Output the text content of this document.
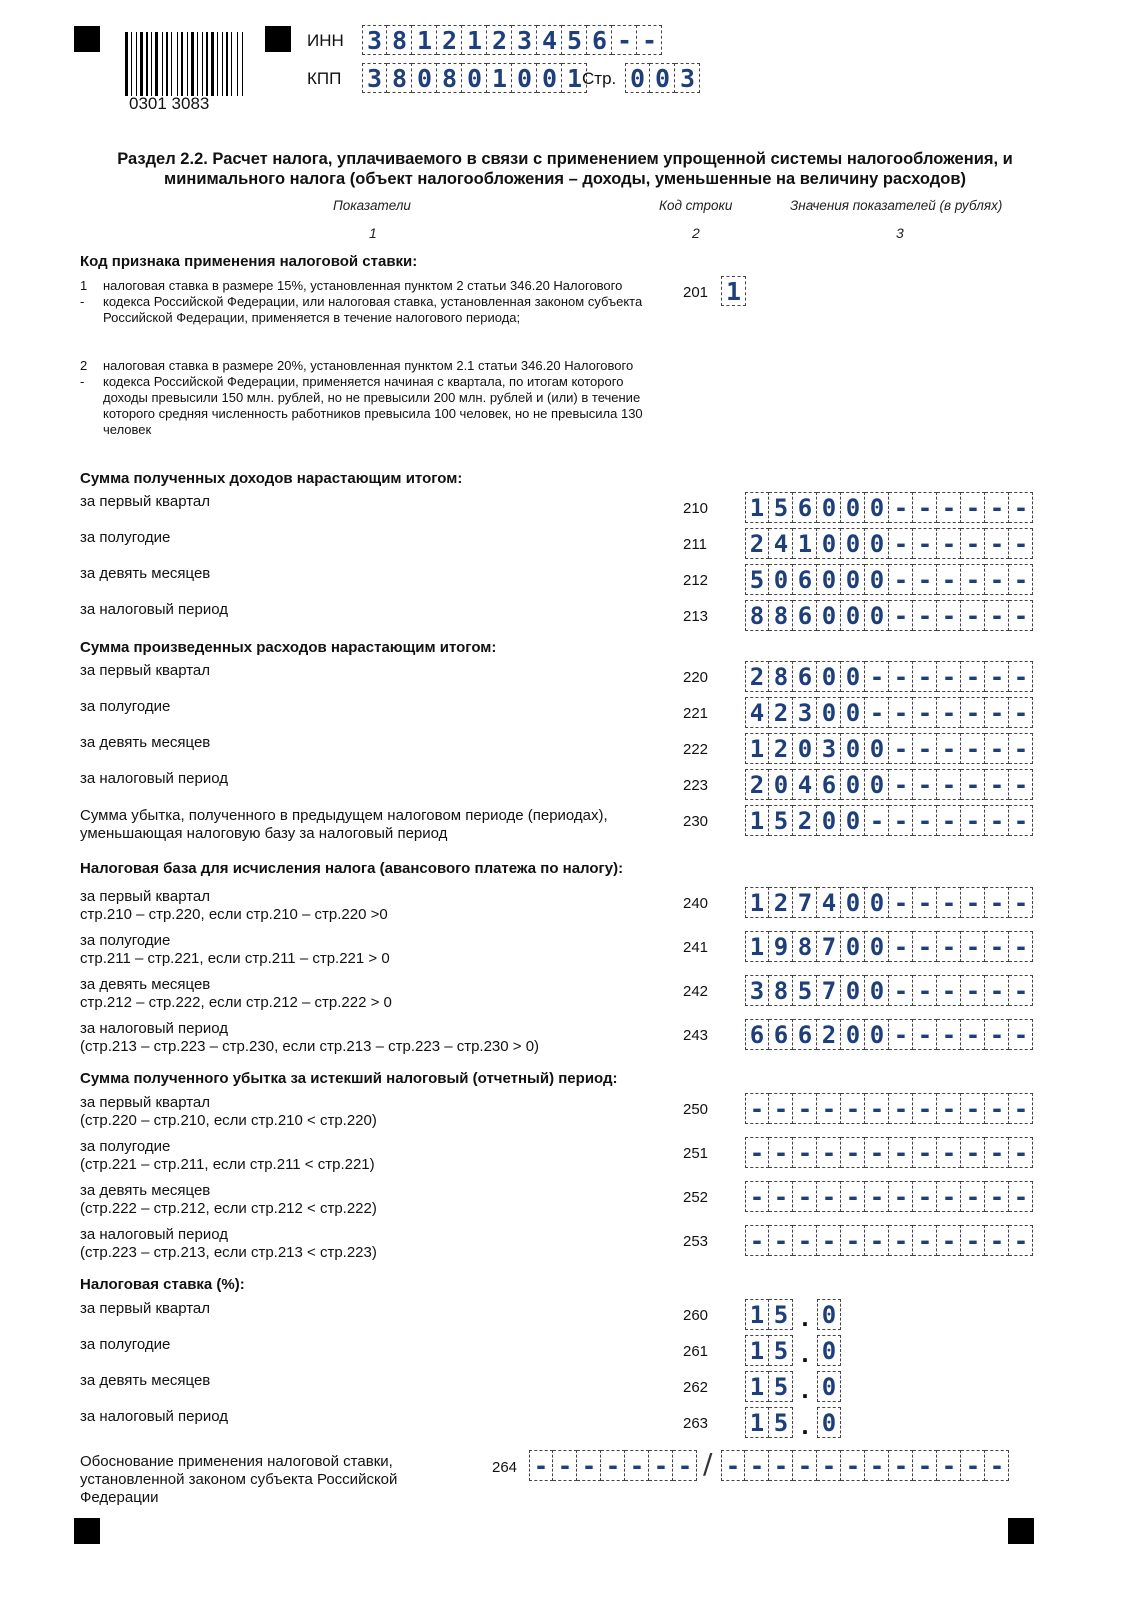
0301 3083
ИНН 3 8 1 2 1 2 3 4 5 6 - -
КПП 3 8 0 8 0 1 0 0 1 Стр. 0 0 3
Раздел 2.2. Расчет налога, уплачиваемого в связи с применением упрощенной системы налогообложения, и минимального налога (объект налогообложения – доходы, уменьшенные на величину расходов)
Показатели	Код строки	Значения показателей (в рублях)
1	2	3
Код признака применения налоговой ставки:
1
-
налоговая ставка в размере 15%, установленная пунктом 2 статьи 346.20 Налогового кодекса Российской Федерации, или налоговая ставка, установленная законом субъекта Российской Федерации, применяется в течение налогового периода;
201 1
2
-
налоговая ставка в размере 20%, установленная пунктом 2.1 статьи 346.20 Налогового кодекса Российской Федерации, применяется начиная с квартала, по итогам которого доходы превысили 150 млн. рублей, но не превысили 200 млн. рублей и (или) в течение которого средняя численность работников превысила 100 человек, но не превысила 130 человек
Сумма полученных доходов нарастающим итогом:
за первый квартал	210 1 5 6 0 0 0 - - - - - -
за полугодие	211 2 4 1 0 0 0 - - - - - -
за девять месяцев	212 5 0 6 0 0 0 - - - - - -
за налоговый период	213 8 8 6 0 0 0 - - - - - -
Сумма произведенных расходов нарастающим итогом:
за первый квартал	220 2 8 6 0 0 - - - - - - -
за полугодие	221 4 2 3 0 0 - - - - - - -
за девять месяцев	222 1 2 0 3 0 0 - - - - - -
за налоговый период	223 2 0 4 6 0 0 - - - - - -
Сумма убытка, полученного в предыдущем налоговом периоде (периодах),
уменьшающая налоговую базу за налоговый период
230 1 5 2 0 0 - - - - - - -
Налоговая база для исчисления налога (авансового платежа по налогу):
за первый квартал
стр.210 – стр.220, если стр.210 – стр.220 >0
240 1 2 7 4 0 0 - - - - - -
за полугодие
стр.211 – стр.221, если стр.211 – стр.221 > 0
241 1 9 8 7 0 0 - - - - - -
за девять месяцев
стр.212 – стр.222, если стр.212 – стр.222 > 0
242 3 8 5 7 0 0 - - - - - -
за налоговый период
(стр.213 – стр.223 – стр.230, если стр.213 – стр.223 – стр.230 > 0)
243 6 6 6 2 0 0 - - - - - -
Сумма полученного убытка за истекший налоговый (отчетный) период:
за первый квартал
(стр.220 – стр.210, если стр.210 < стр.220)
250 - - - - - - - - - - - -
за полугодие
(стр.221 – стр.211, если стр.211 < стр.221)
251 - - - - - - - - - - - -
за девять месяцев
(стр.222 – стр.212, если стр.212 < стр.222)
252 - - - - - - - - - - - -
за налоговый период
(стр.223 – стр.213, если стр.213 < стр.223)
253 - - - - - - - - - - - -
Налоговая ставка (%):
за первый квартал	260 1 5 . 0
за полугодие	261 1 5 . 0
за девять месяцев	262 1 5 . 0
за налоговый период	263 1 5 . 0
Обоснование применения налоговой ставки,
установленной законом субъекта Российской
Федерации
264 - - - - - - - / - - - - - - - - - - - -
